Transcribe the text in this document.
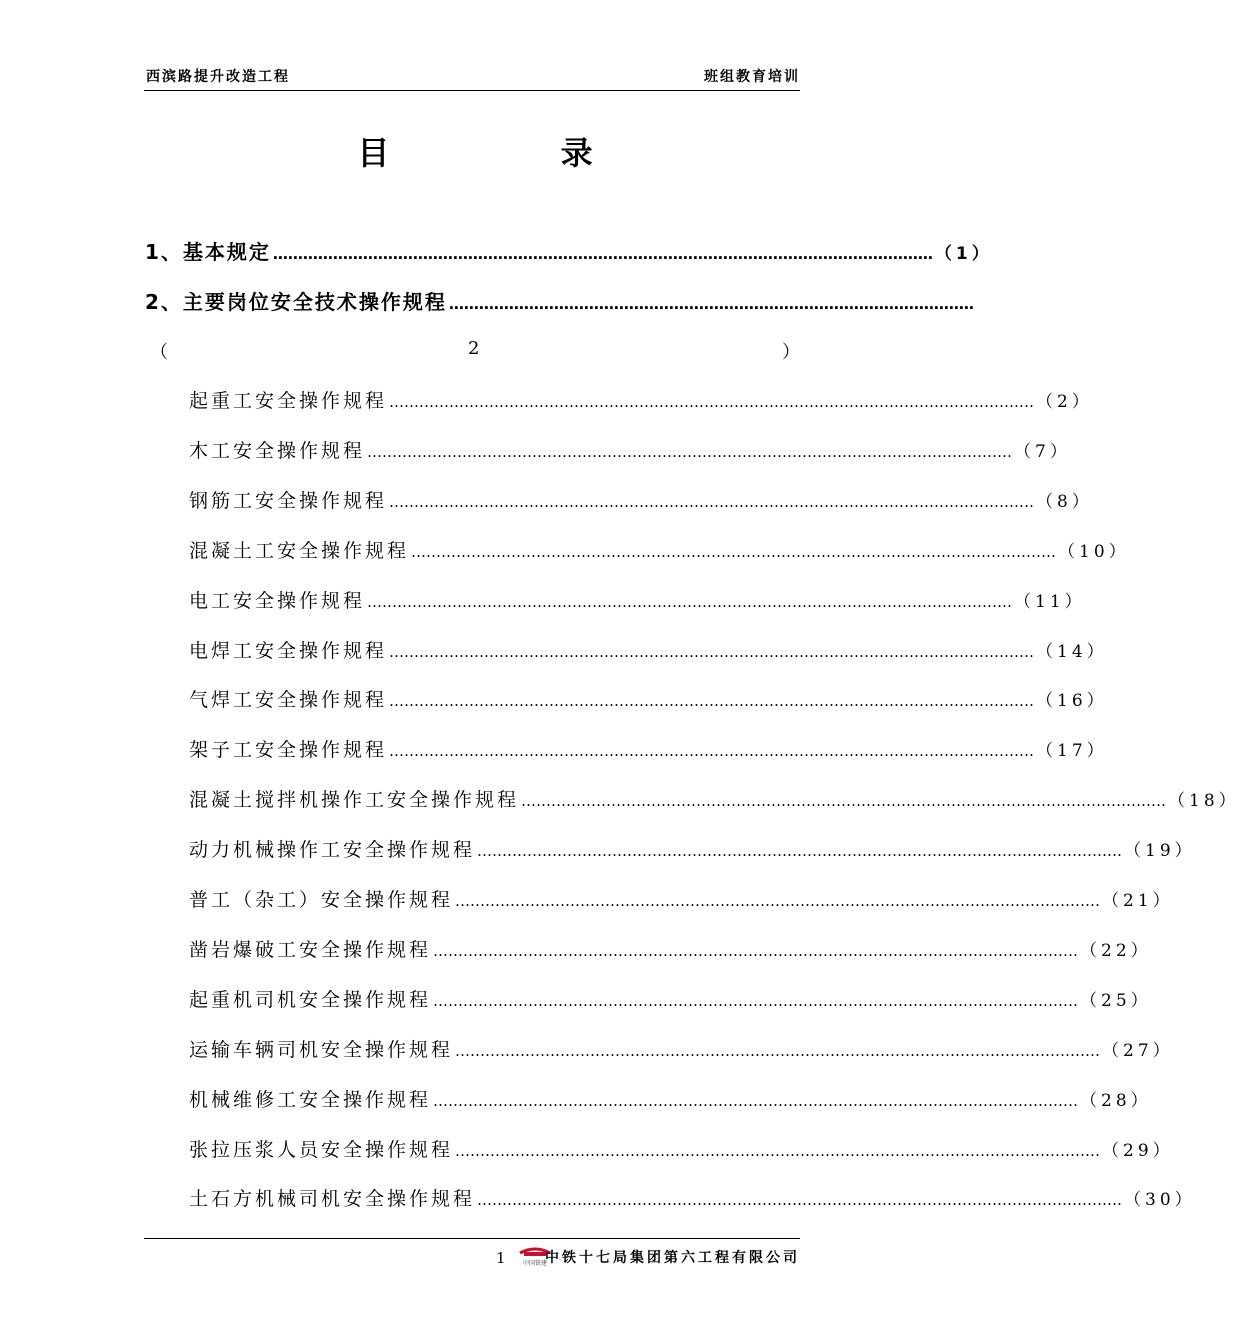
西滨路提升改造工程	班组教育培训
目 录
1、基本规定 …………………………………………………………………………………………………………………… （1）
2、主要岗位安全技术操作规程 ……………………………………………………………………………………………
（	2	）
起重工安全操作规程 ………………………………………………………………………………………………………………… （2）
木工安全操作规程 ………………………………………………………………………………………………………………… （7）
钢筋工安全操作规程 ………………………………………………………………………………………………………………… （8）
混凝土工安全操作规程 ………………………………………………………………………………………………………………… （10）
电工安全操作规程 ………………………………………………………………………………………………………………… （11）
电焊工安全操作规程 ………………………………………………………………………………………………………………… （14）
气焊工安全操作规程 ………………………………………………………………………………………………………………… （16）
架子工安全操作规程 ………………………………………………………………………………………………………………… （17）
混凝土搅拌机操作工安全操作规程 ………………………………………………………………………………………………………………… （18）
动力机械操作工安全操作规程 ………………………………………………………………………………………………………………… （19）
普工（杂工）安全操作规程 ………………………………………………………………………………………………………………… （21）
凿岩爆破工安全操作规程 ………………………………………………………………………………………………………………… （22）
起重机司机安全操作规程 ………………………………………………………………………………………………………………… （25）
运输车辆司机安全操作规程 ………………………………………………………………………………………………………………… （27）
机械维修工安全操作规程 ………………………………………………………………………………………………………………… （28）
张拉压浆人员安全操作规程 ………………………………………………………………………………………………………………… （29）
土石方机械司机安全操作规程 ………………………………………………………………………………………………………………… （30）
1	中国铁建
中铁十七局集团第六工程有限公司
